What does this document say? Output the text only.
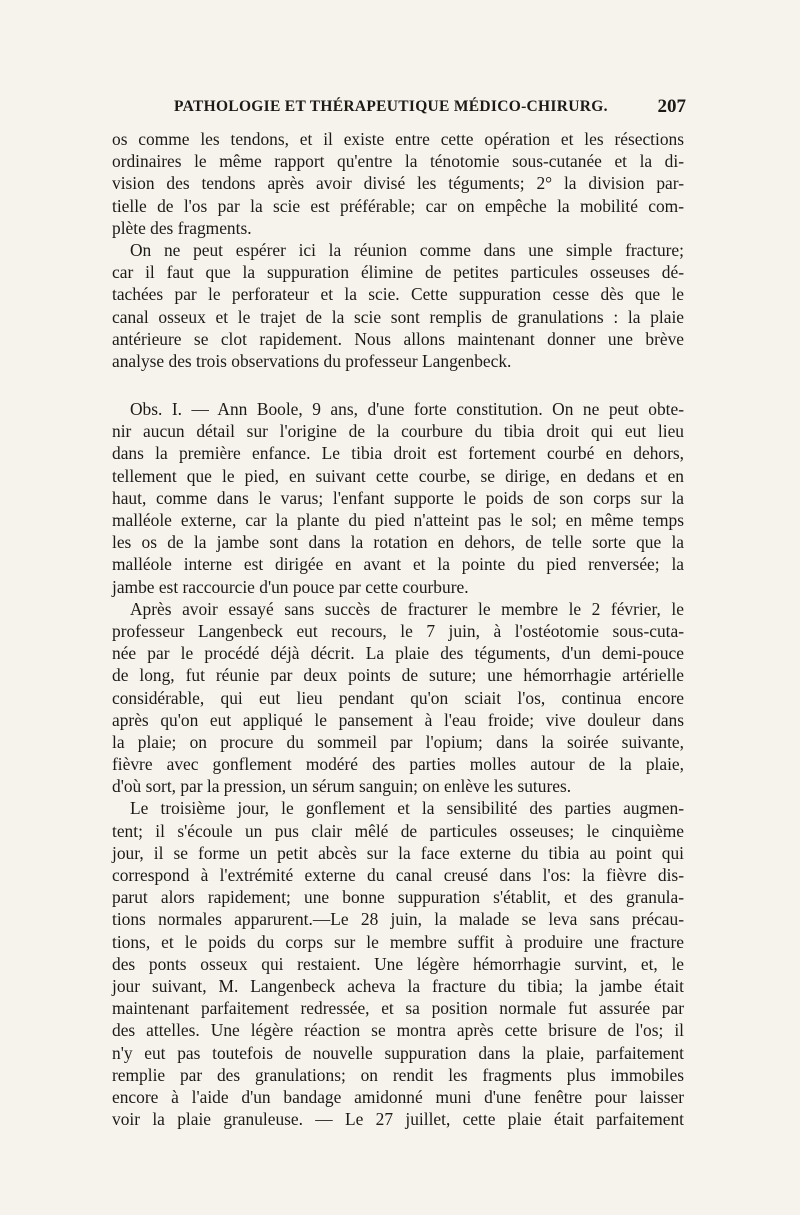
PATHOLOGIE ET THÉRAPEUTIQUE MÉDICO-CHIRURG.	207
os comme les tendons, et il existe entre cette opération et les résections
ordinaires le même rapport qu'entre la ténotomie sous-cutanée et la di-
vision des tendons après avoir divisé les téguments; 2° la division par-
tielle de l'os par la scie est préférable; car on empêche la mobilité com-
plète des fragments.
On ne peut espérer ici la réunion comme dans une simple fracture;
car il faut que la suppuration élimine de petites particules osseuses dé-
tachées par le perforateur et la scie. Cette suppuration cesse dès que le
canal osseux et le trajet de la scie sont remplis de granulations : la plaie
antérieure se clot rapidement. Nous allons maintenant donner une brève
analyse des trois observations du professeur Langenbeck.
Obs. I. — Ann Boole, 9 ans, d'une forte constitution. On ne peut obte-
nir aucun détail sur l'origine de la courbure du tibia droit qui eut lieu
dans la première enfance. Le tibia droit est fortement courbé en dehors,
tellement que le pied, en suivant cette courbe, se dirige, en dedans et en
haut, comme dans le varus; l'enfant supporte le poids de son corps sur la
malléole externe, car la plante du pied n'atteint pas le sol; en même temps
les os de la jambe sont dans la rotation en dehors, de telle sorte que la
malléole interne est dirigée en avant et la pointe du pied renversée; la
jambe est raccourcie d'un pouce par cette courbure.
Après avoir essayé sans succès de fracturer le membre le 2 février, le
professeur Langenbeck eut recours, le 7 juin, à l'ostéotomie sous-cuta-
née par le procédé déjà décrit. La plaie des téguments, d'un demi-pouce
de long, fut réunie par deux points de suture; une hémorrhagie artérielle
considérable, qui eut lieu pendant qu'on sciait l'os, continua encore
après qu'on eut appliqué le pansement à l'eau froide; vive douleur dans
la plaie; on procure du sommeil par l'opium; dans la soirée suivante,
fièvre avec gonflement modéré des parties molles autour de la plaie,
d'où sort, par la pression, un sérum sanguin; on enlève les sutures.
Le troisième jour, le gonflement et la sensibilité des parties augmen-
tent; il s'écoule un pus clair mêlé de particules osseuses; le cinquième
jour, il se forme un petit abcès sur la face externe du tibia au point qui
correspond à l'extrémité externe du canal creusé dans l'os: la fièvre dis-
parut alors rapidement; une bonne suppuration s'établit, et des granula-
tions normales apparurent.—Le 28 juin, la malade se leva sans précau-
tions, et le poids du corps sur le membre suffit à produire une fracture
des ponts osseux qui restaient. Une légère hémorrhagie survint, et, le
jour suivant, M. Langenbeck acheva la fracture du tibia; la jambe était
maintenant parfaitement redressée, et sa position normale fut assurée par
des attelles. Une légère réaction se montra après cette brisure de l'os; il
n'y eut pas toutefois de nouvelle suppuration dans la plaie, parfaitement
remplie par des granulations; on rendit les fragments plus immobiles
encore à l'aide d'un bandage amidonné muni d'une fenêtre pour laisser
voir la plaie granuleuse. — Le 27 juillet, cette plaie était parfaitement
